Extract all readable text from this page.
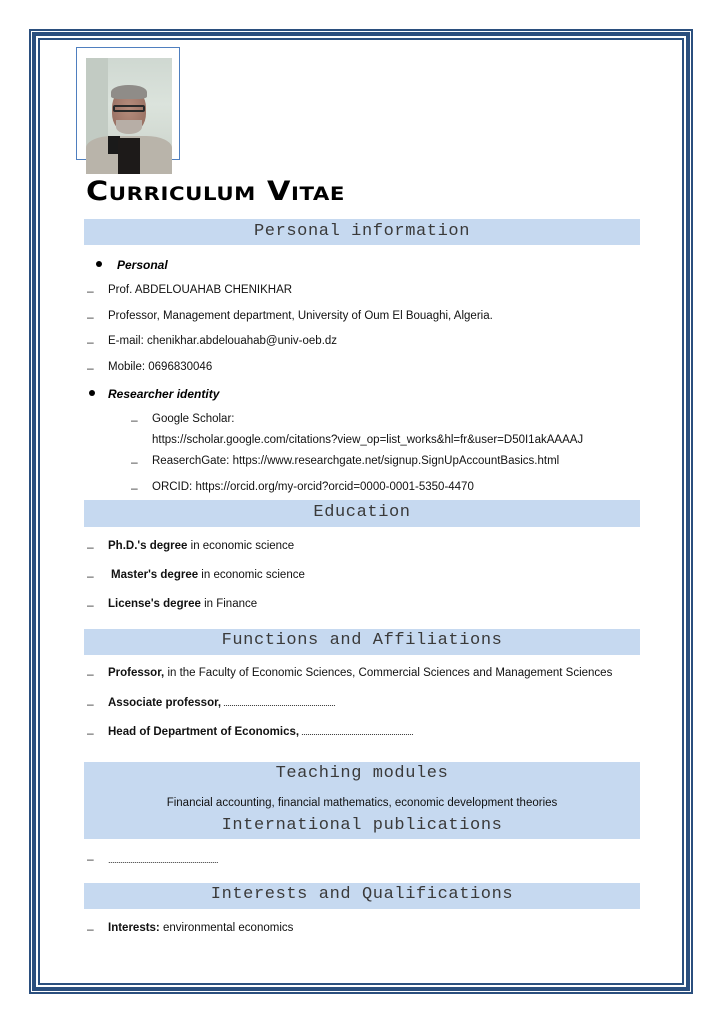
Curriculum Vitae
Personal information
Personal
– Prof. ABDELOUAHAB CHENIKHAR
– Professor, Management department, University of Oum El Bouaghi, Algeria.
– E-mail: chenikhar.abdelouahab@univ-oeb.dz
– Mobile: 0696830046
Researcher identity
– Google Scholar:
https://scholar.google.com/citations?view_op=list_works&hl=fr&user=D50I1akAAAAJ
– ReaserchGate: https://www.researchgate.net/signup.SignUpAccountBasics.html
– ORCID: https://orcid.org/my-orcid?orcid=0000-0001-5350-4470
Education
– Ph.D.'s degree in economic science
– Master's degree in economic science
– License's degree in Finance
Functions and Affiliations
– Professor, in the Faculty of Economic Sciences, Commercial Sciences and Management Sciences
– Associate professor, ........................................................
– Head of Department of Economics, ........................................................
Teaching modules
Financial accounting, financial mathematics, economic development theories
International publications
– .......................................................
Interests and Qualifications
– Interests: environmental economics
